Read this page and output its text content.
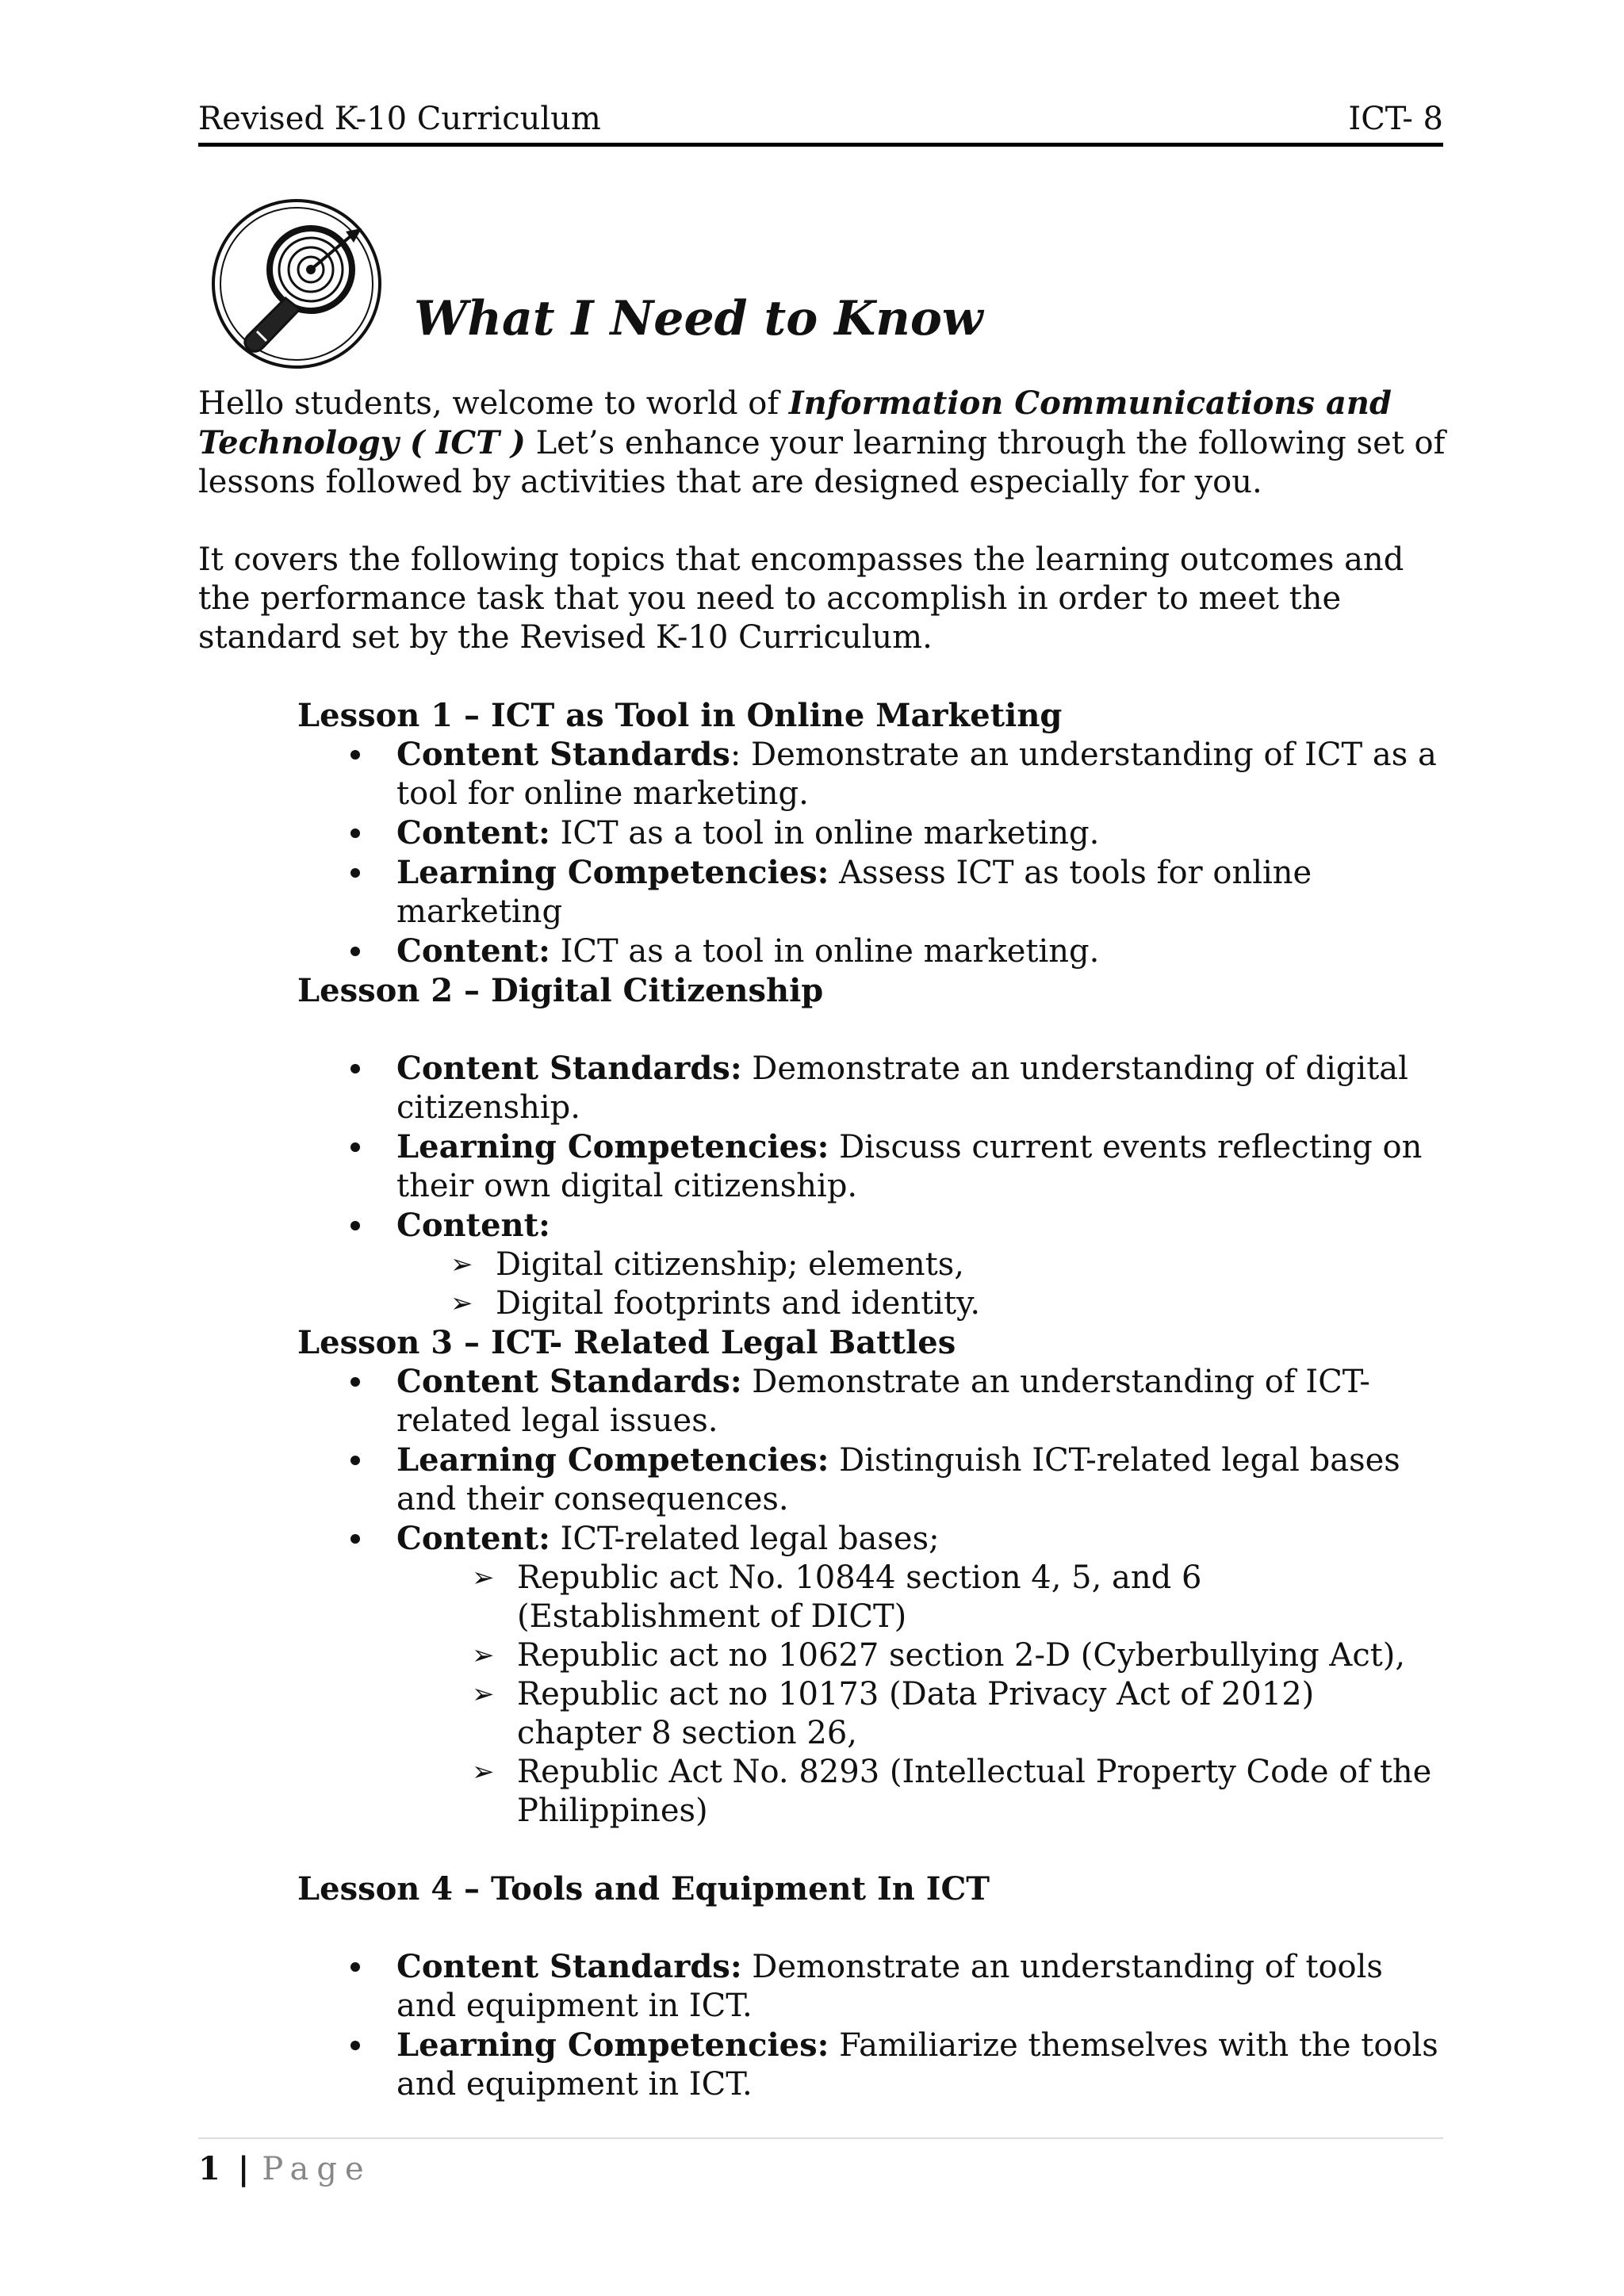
Revised K-10 Curriculum	ICT- 8
What I Need to Know

Hello students, welcome to world of Information Communications and Technology ( ICT ) Let’s enhance your learning through the following set of lessons followed by activities that are designed especially for you.

It covers the following topics that encompasses the learning outcomes and the performance task that you need to accomplish in order to meet the standard set by the Revised K-10 Curriculum.

Lesson 1 – ICT as Tool in Online Marketing

Content Standards: Demonstrate an understanding of ICT as a tool for online marketing.
Content: ICT as a tool in online marketing.
Learning Competencies: Assess ICT as tools for online marketing
Content: ICT as a tool in online marketing.

Lesson 2 – Digital Citizenship

Content Standards: Demonstrate an understanding of digital citizenship.
Learning Competencies: Discuss current events reflecting on their own digital citizenship.
Content:
➢ Digital citizenship; elements,
➢ Digital footprints and identity.

Lesson 3 – ICT- Related Legal Battles

Content Standards: Demonstrate an understanding of ICT-related legal issues.
Learning Competencies: Distinguish ICT-related legal bases and their consequences.
Content: ICT-related legal bases;
➢ Republic act No. 10844 section 4, 5, and 6 (Establishment of DICT)
➢ Republic act no 10627 section 2-D (Cyberbullying Act),
➢ Republic act no 10173 (Data Privacy Act of 2012) chapter 8 section 26,
➢ Republic Act No. 8293 (Intellectual Property Code of the Philippines)

Lesson 4 – Tools and Equipment In ICT

Content Standards: Demonstrate an understanding of tools and equipment in ICT.
Learning Competencies: Familiarize themselves with the tools and equipment in ICT.
1 | Page
